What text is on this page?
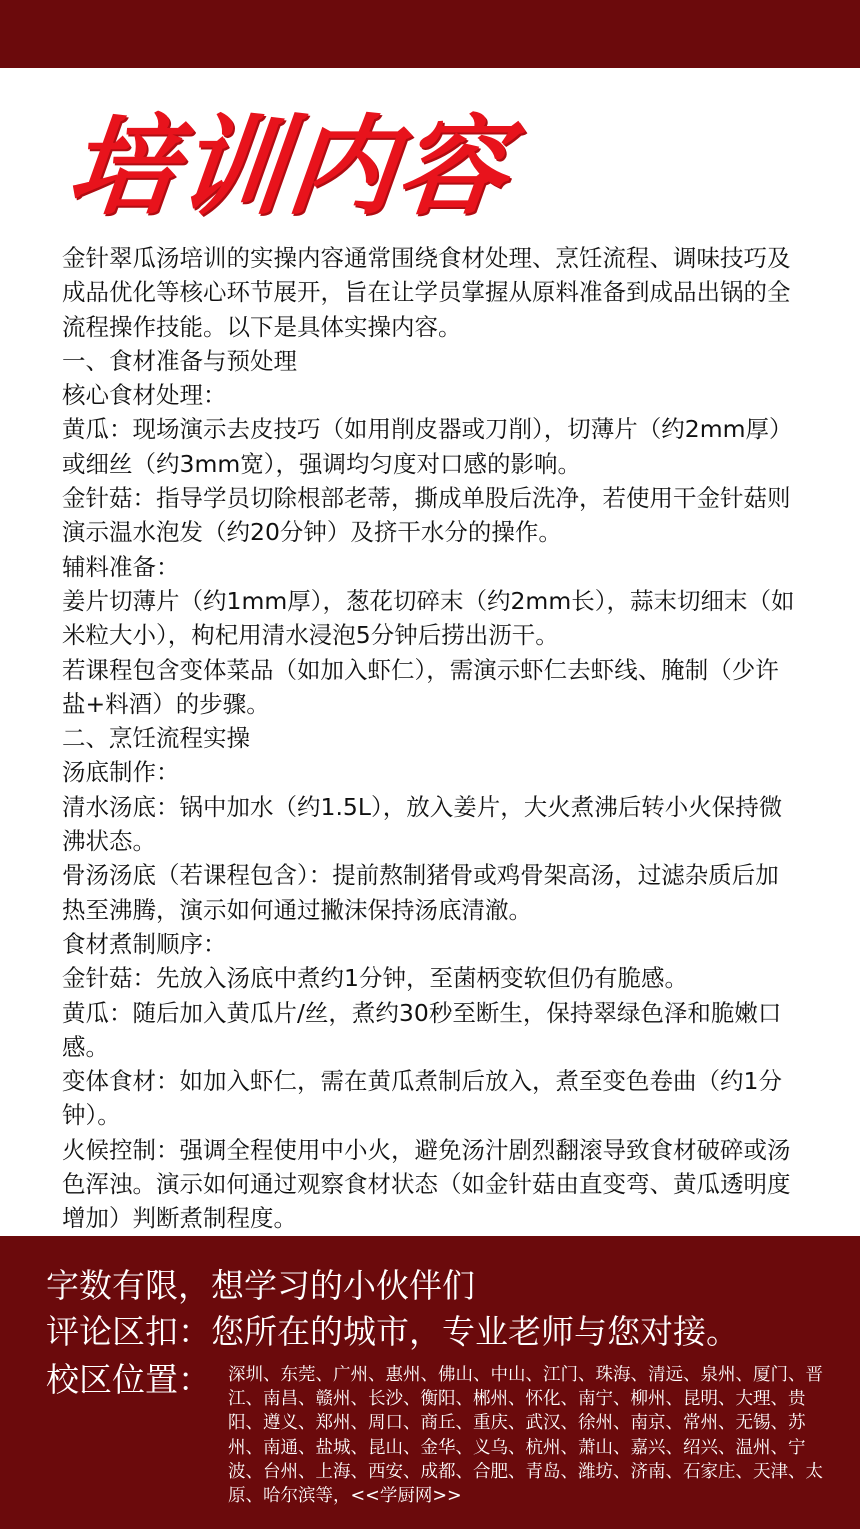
培训内容

金针翠瓜汤培训的实操内容通常围绕食材处理、烹饪流程、调味技巧及成品优化等核心环节展开，旨在让学员掌握从原料准备到成品出锅的全流程操作技能。以下是具体实操内容。

一、食材准备与预处理

核心食材处理：

黄瓜：现场演示去皮技巧（如用削皮器或刀削），切薄片（约2mm厚）或细丝（约3mm宽），强调均匀度对口感的影响。

金针菇：指导学员切除根部老蒂，撕成单股后洗净，若使用干金针菇则演示温水泡发（约20分钟）及挤干水分的操作。

辅料准备：

姜片切薄片（约1mm厚），葱花切碎末（约2mm长），蒜末切细末（如米粒大小），枸杞用清水浸泡5分钟后捞出沥干。

若课程包含变体菜品（如加入虾仁），需演示虾仁去虾线、腌制（少许盐+料酒）的步骤。

二、烹饪流程实操

汤底制作：

清水汤底：锅中加水（约1.5L），放入姜片，大火煮沸后转小火保持微沸状态。

骨汤汤底（若课程包含）：提前熬制猪骨或鸡骨架高汤，过滤杂质后加热至沸腾，演示如何通过撇沫保持汤底清澈。

食材煮制顺序：

金针菇：先放入汤底中煮约1分钟，至菌柄变软但仍有脆感。

黄瓜：随后加入黄瓜片/丝，煮约30秒至断生，保持翠绿色泽和脆嫩口感。

变体食材：如加入虾仁，需在黄瓜煮制后放入，煮至变色卷曲（约1分钟）。

火候控制：强调全程使用中小火，避免汤汁剧烈翻滚导致食材破碎或汤色浑浊。演示如何通过观察食材状态（如金针菇由直变弯、黄瓜透明度增加）判断煮制程度。

字数有限，想学习的小伙伴们

评论区扣：您所在的城市，专业老师与您对接。

校区位置： 深圳、东莞、广州、惠州、佛山、中山、江门、珠海、清远、泉州、厦门、晋江、南昌、赣州、长沙、衡阳、郴州、怀化、南宁、柳州、昆明、大理、贵阳、遵义、郑州、周口、商丘、重庆、武汉、徐州、南京、常州、无锡、苏州、南通、盐城、昆山、金华、义乌、杭州、萧山、嘉兴、绍兴、温州、宁波、台州、上海、西安、成都、合肥、青岛、潍坊、济南、石家庄、天津、太原、哈尔滨等，<<学厨网>>
